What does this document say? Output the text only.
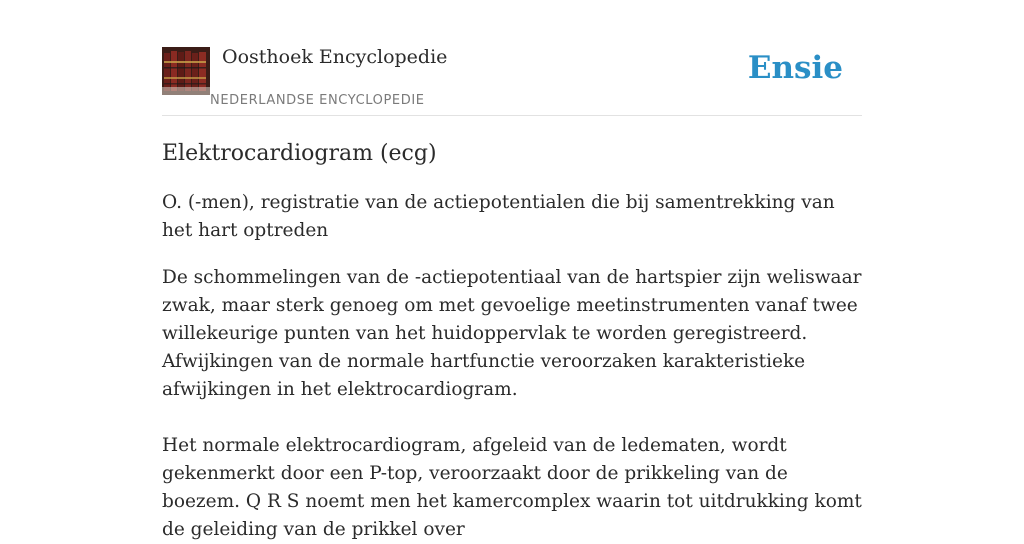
Oosthoek Encyclopedie
NEDERLANDSE ENCYCLOPEDIE
Ensie
Elektrocardiogram (ecg)

O. (-men), registratie van de actiepotentialen die bij samentrekking van het hart optreden

De schommelingen van de -actiepotentiaal van de hartspier zijn weliswaar zwak, maar sterk genoeg om met gevoelige meetinstrumenten vanaf twee willekeurige punten van het huidoppervlak te worden geregistreerd. Afwijkingen van de normale hartfunctie veroorzaken karakteristieke afwijkingen in het elektrocardiogram.

Het normale elektrocardiogram, afgeleid van de ledematen, wordt gekenmerkt door een P-top, veroorzaakt door de prikkeling van de boezem. Q R S noemt men het kamercomplex waarin tot uitdrukking komt de geleiding van de prikkel over
